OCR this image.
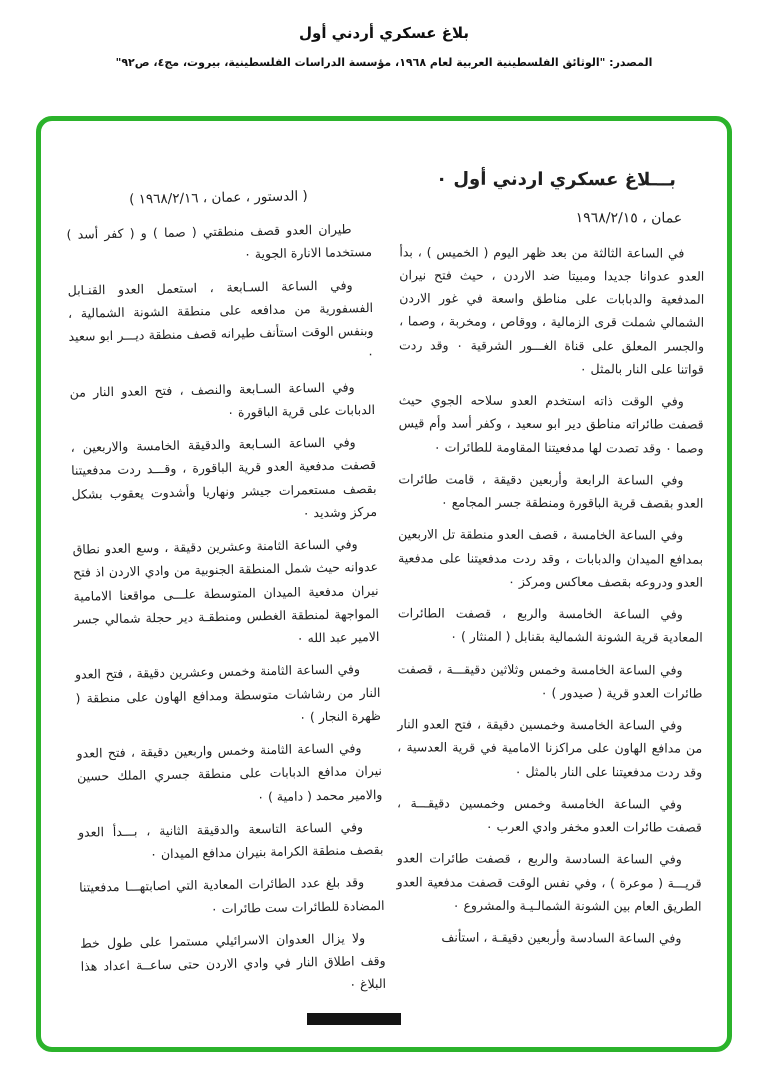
بلاغ عسكري أردني أول
المصدر: "الوثائق الفلسطينية العربية لعام ١٩٦٨، مؤسسة الدراسات الفلسطينية، بيروت، مج٤، ص٩٢"

بـــلاغ عسكري اردني أول ٠

عمان ، ١٩٦٨/٢/١٥

في الساعة الثالثة من بعد ظهر اليوم ( الخميس ) ، بدأ العدو عدوانا جديدا ومبيتا ضد الاردن ، حيث فتح نيران المدفعية والدبابات على مناطق واسعة في غور الاردن الشمالي شملت قرى الزمالية ، ووقاص ، ومخربة ، وصما ، والجسر المعلق على قناة الغـــور الشرقية ٠ وقد ردت قواتنا على النار بالمثل ٠

وفي الوقت ذاته استخدم العدو سلاحه الجوي حيث قصفت طائراته مناطق دير ابو سعيد ، وكفر أسد وأم قيس وصما ٠ وقد تصدت لها مدفعيتنا المقاومة للطائرات ٠

وفي الساعة الرابعة وأربعين دقيقة ، قامت طائرات العدو بقصف قرية الباقورة ومنطقة جسر المجامع ٠

وفي الساعة الخامسة ، قصف العدو منطقة تل الاربعين بمدافع الميدان والدبابات ، وقد ردت مدفعيتنا على مدفعية العدو ودروعه بقصف معاكس ومركز ٠

وفي الساعة الخامسة والربع ، قصفت الطائرات المعادية قرية الشونة الشمالية بقنابل ( المنثار ) ٠

وفي الساعة الخامسة وخمس وثلاثين دقيقـــة ، قصفت طائرات العدو قرية ( صيدور ) ٠

وفي الساعة الخامسة وخمسين دقيقة ، فتح العدو النار من مدافع الهاون على مراكزنا الامامية في قرية العدسية ، وقد ردت مدفعيتنا على النار بالمثل ٠

وفي الساعة الخامسة وخمس وخمسين دقيقـــة ، قصفت طائرات العدو مخفر وادي العرب ٠

وفي الساعة السادسة والربع ، قصفت طائرات العدو قريـــة ( موعرة ) ، وفي نفس الوقت قصفت مدفعية العدو الطريق العام بين الشونة الشمالـيـة والمشروع ٠

وفي الساعة السادسة وأربعين دقيقـة ، استأنف

( الدستور ، عمان ، ١٩٦٨/٢/١٦ )

طيران العدو قصف منطقتي ( صما ) و ( كفر أسد ) مستخدما الانارة الجوية ٠

وفي الساعة السـابعة ، استعمل العدو القنـابل الفسفورية من مدافعه على منطقة الشونة الشمالية ، وبنفس الوقت استأنف طيرانه قصف منطقة ديـــر ابو سعيد ٠

وفي الساعة السـابعة والنصف ، فتح العدو النار من الدبابات على قرية الباقورة ٠

وفي الساعة السـابعة والدقيقة الخامسة والاربعين ، قصفت مدفعية العدو قرية الباقورة ، وقـــد ردت مدفعيتنا بقصف مستعمرات جيشر ونهاريا وأشدوت يعقوب بشكل مركز وشديد ٠

وفي الساعة الثامنة وعشرين دقيقة ، وسع العدو نطاق عدوانه حيث شمل المنطقة الجنوبية من وادي الاردن اذ فتح نيران مدفعية الميدان المتوسطة علـــى مواقعنا الامامية المواجهة لمنطقة الغطس ومنطقـة دير حجلة شمالي جسر الامير عبد الله ٠

وفي الساعة الثامنة وخمس وعشرين دقيقة ، فتح العدو النار من رشاشات متوسطة ومدافع الهاون على منطقة ( ظهرة النجار ) ٠

وفي الساعة الثامنة وخمس واربعين دقيقة ، فتح العدو نيران مدافع الدبابات على منطقة جسري الملك حسين والامير محمد ( دامية ) ٠

وفي الساعة التاسعة والدقيقة الثانية ، بـــدأ العدو بقصف منطقة الكرامة بنيران مدافع الميدان ٠

وقد بلغ عدد الطائرات المعادية التي اصابتهـــا مدفعيتنا المضادة للطائرات ست طائرات ٠

ولا يزال العدوان الاسرائيلي مستمرا على طول خط وقف اطلاق النار في وادي الاردن حتى ساعــة اعداد هذا البلاغ ٠
